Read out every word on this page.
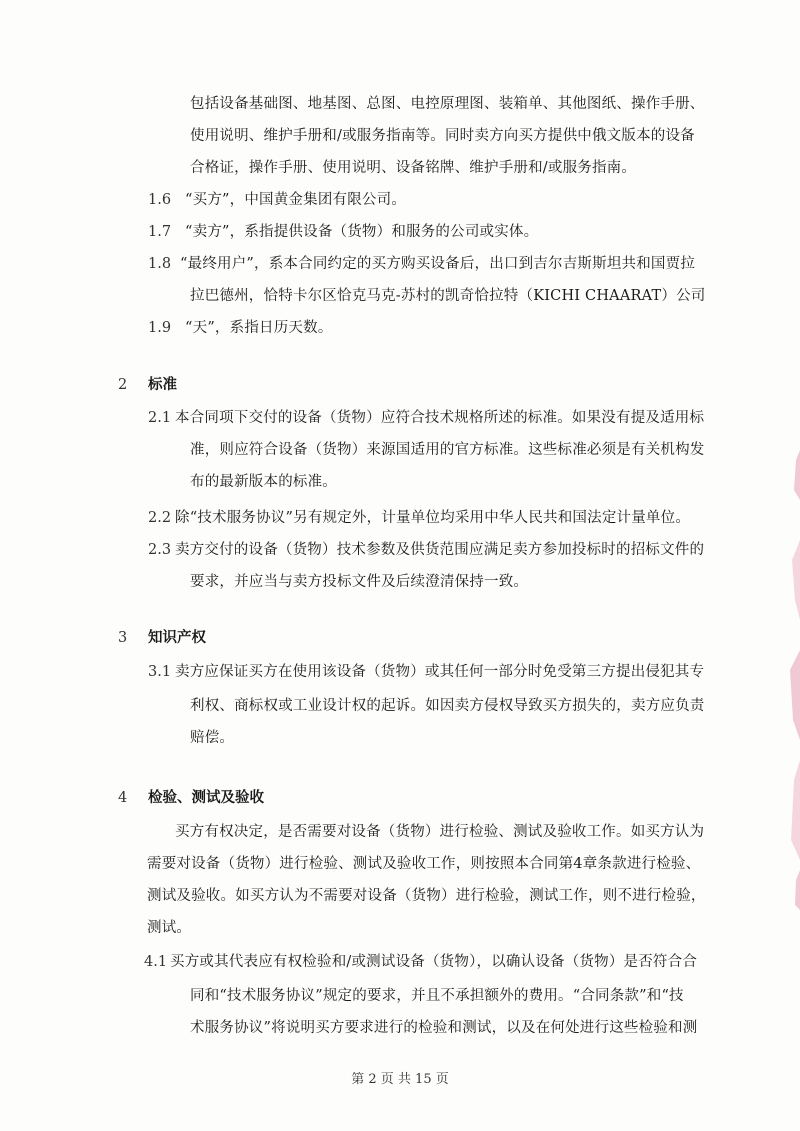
包括设备基础图、地基图、总图、电控原理图、装箱单、其他图纸、操作手册、
使用说明、维护手册和/或服务指南等。同时卖方向买方提供中俄文版本的设备
合格证，操作手册、使用说明、设备铭牌、维护手册和/或服务指南。
1.6 “买方”，中国黄金集团有限公司。
1.7 “卖方”，系指提供设备（货物）和服务的公司或实体。
1.8 “最终用户”，系本合同约定的买方购买设备后，出口到吉尔吉斯斯坦共和国贾拉
拉巴德州，恰特卡尔区恰克马克-苏村的凯奇恰拉特（KICHI CHAARAT）公司
1.9 “天”，系指日历天数。
2 标准
2.1 本合同项下交付的设备（货物）应符合技术规格所述的标准。如果没有提及适用标
准，则应符合设备（货物）来源国适用的官方标准。这些标准必须是有关机构发
布的最新版本的标准。
2.2 除“技术服务协议”另有规定外，计量单位均采用中华人民共和国法定计量单位。
2.3 卖方交付的设备（货物）技术参数及供货范围应满足卖方参加投标时的招标文件的
要求，并应当与卖方投标文件及后续澄清保持一致。
3 知识产权
3.1 卖方应保证买方在使用该设备（货物）或其任何一部分时免受第三方提出侵犯其专
利权、商标权或工业设计权的起诉。如因卖方侵权导致买方损失的，卖方应负责
赔偿。
4 检验、测试及验收
买方有权决定，是否需要对设备（货物）进行检验、测试及验收工作。如买方认为
需要对设备（货物）进行检验、测试及验收工作，则按照本合同第4章条款进行检验、
测试及验收。如买方认为不需要对设备（货物）进行检验，测试工作，则不进行检验，
测试。
4.1 买方或其代表应有权检验和/或测试设备（货物），以确认设备（货物）是否符合合
同和“技术服务协议”规定的要求，并且不承担额外的费用。“合同条款”和“技
术服务协议”将说明买方要求进行的检验和测试，以及在何处进行这些检验和测
第 2 页 共 15 页
